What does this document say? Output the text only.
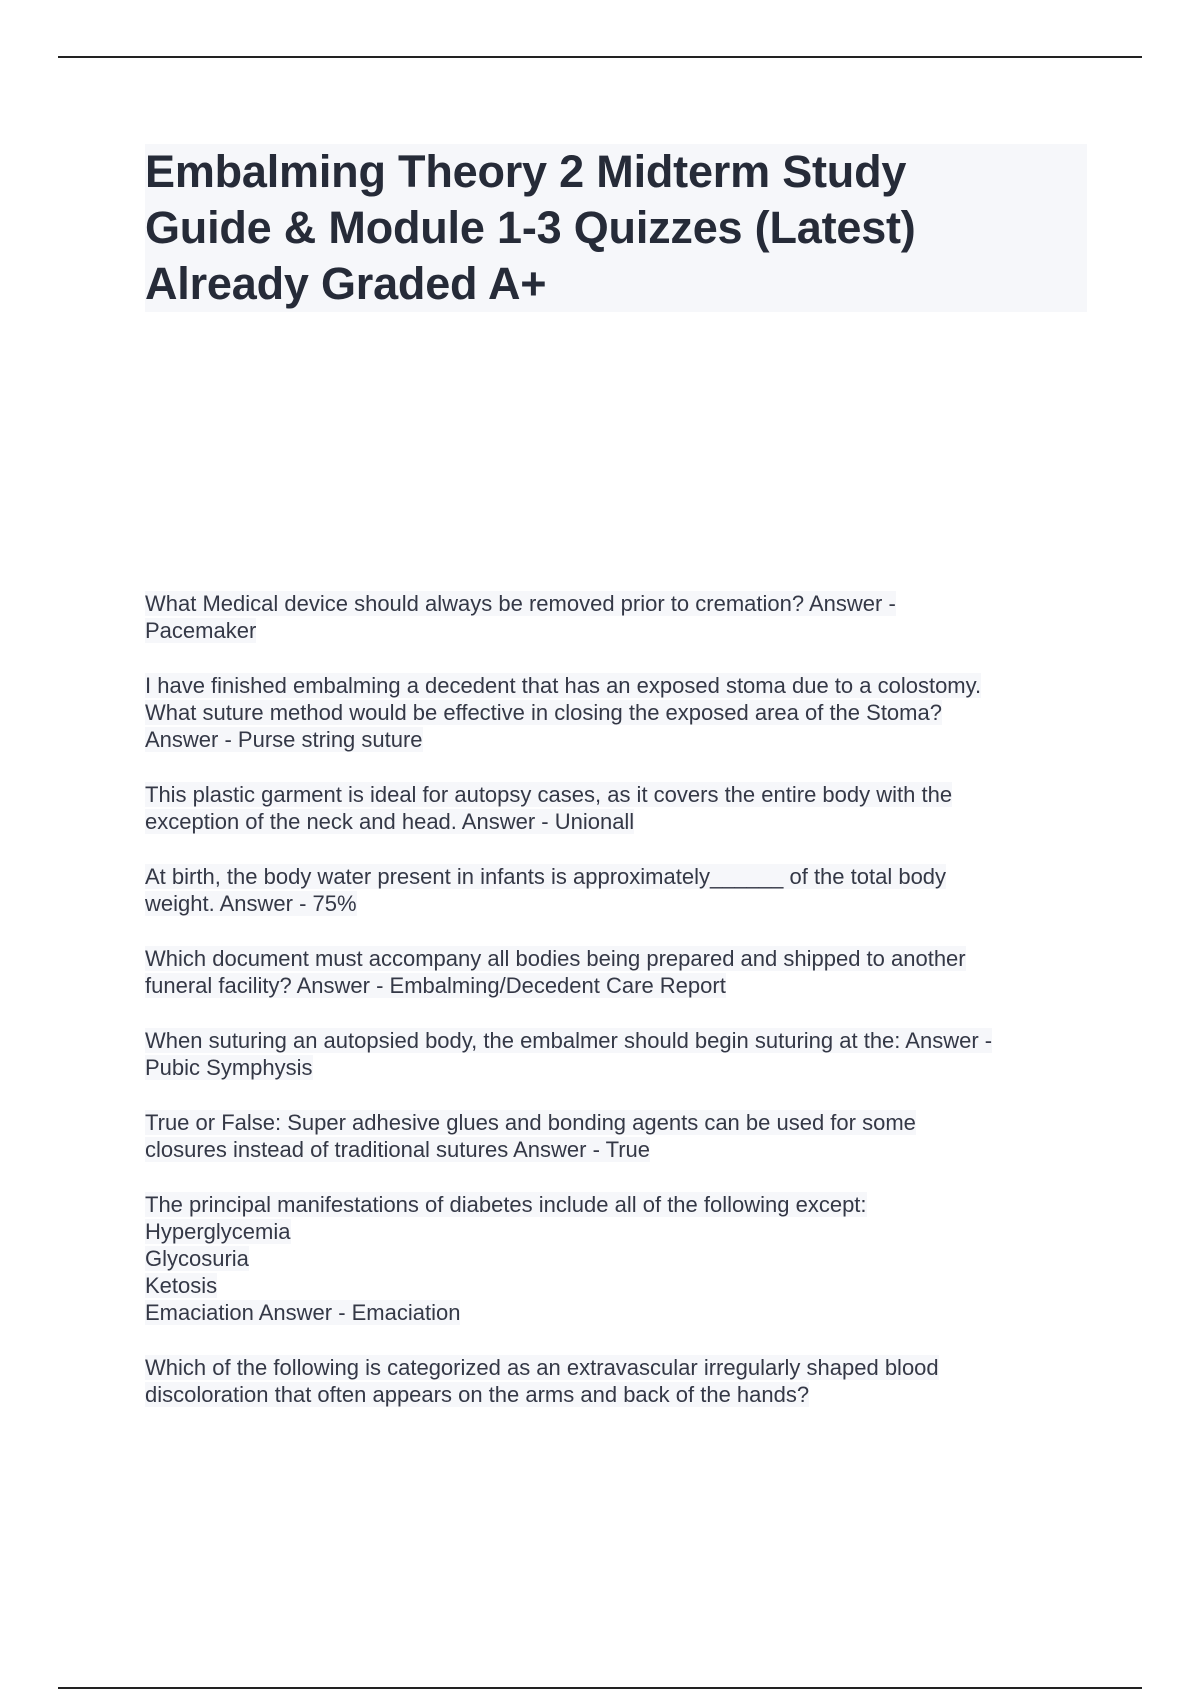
Embalming Theory 2 Midterm Study
Guide & Module 1-3 Quizzes (Latest)
Already Graded A+
What Medical device should always be removed prior to cremation? Answer -
Pacemaker
I have finished embalming a decedent that has an exposed stoma due to a colostomy.
What suture method would be effective in closing the exposed area of the Stoma?
Answer - Purse string suture
This plastic garment is ideal for autopsy cases, as it covers the entire body with the
exception of the neck and head. Answer - Unionall
At birth, the body water present in infants is approximately______ of the total body
weight. Answer - 75%
Which document must accompany all bodies being prepared and shipped to another
funeral facility? Answer - Embalming/Decedent Care Report
When suturing an autopsied body, the embalmer should begin suturing at the: Answer -
Pubic Symphysis
True or False: Super adhesive glues and bonding agents can be used for some
closures instead of traditional sutures Answer - True
The principal manifestations of diabetes include all of the following except:
Hyperglycemia
Glycosuria
Ketosis
Emaciation Answer - Emaciation
Which of the following is categorized as an extravascular irregularly shaped blood
discoloration that often appears on the arms and back of the hands?
